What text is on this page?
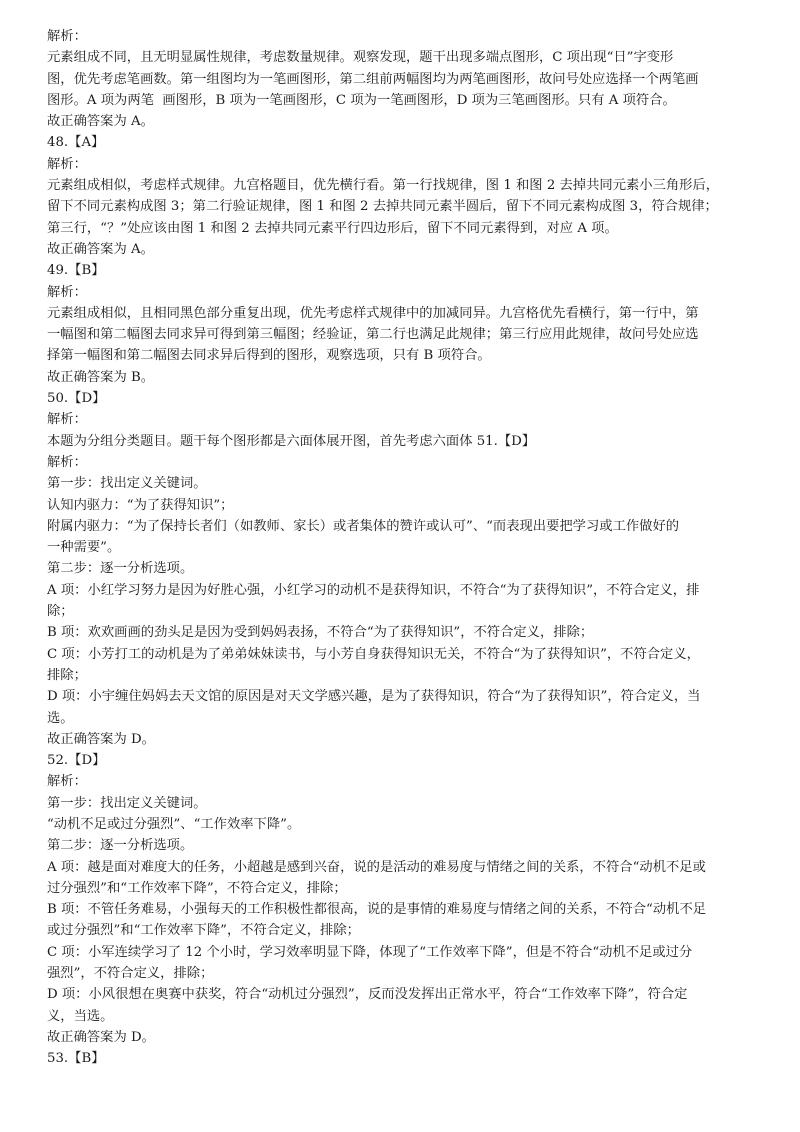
解析：

元素组成不同，且无明显属性规律，考虑数量规律。观察发现，题干出现多端点图形，C 项出现“日”字变形

图，优先考虑笔画数。第一组图均为一笔画图形，第二组前两幅图均为两笔画图形，故问号处应选择一个两笔画

图形。A 项为两笔  画图形，B 项为一笔画图形，C 项为一笔画图形，D 项为三笔画图形。只有 A 项符合。

故正确答案为 A。

48.【A】

解析：

元素组成相似，考虑样式规律。九宫格题目，优先横行看。第一行找规律，图 1 和图 2 去掉共同元素小三角形后，

留下不同元素构成图 3；第二行验证规律，图 1 和图 2 去掉共同元素半圆后，留下不同元素构成图 3，符合规律；

第三行，“？”处应该由图 1 和图 2 去掉共同元素平行四边形后，留下不同元素得到，对应 A 项。

故正确答案为 A。

49.【B】

解析：

元素组成相似，且相同黑色部分重复出现，优先考虑样式规律中的加减同异。九宫格优先看横行，第一行中，第

一幅图和第二幅图去同求异可得到第三幅图；经验证，第二行也满足此规律；第三行应用此规律，故问号处应选

择第一幅图和第二幅图去同求异后得到的图形，观察选项，只有 B 项符合。

故正确答案为 B。

50.【D】

解析：

本题为分组分类题目。题干每个图形都是六面体展开图，首先考虑六面体 51.【D】

解析：

第一步：找出定义关键词。

认知内驱力：“为了获得知识”；

附属内驱力：“为了保持长者们（如教师、家长）或者集体的赞许或认可”、“而表现出要把学习或工作做好的

一种需要”。

第二步：逐一分析选项。

A 项：小红学习努力是因为好胜心强，小红学习的动机不是获得知识，不符合“为了获得知识”，不符合定义，排

除；

B 项：欢欢画画的劲头足是因为受到妈妈表扬，不符合“为了获得知识”，不符合定义，排除；

C 项：小芳打工的动机是为了弟弟妹妹读书，与小芳自身获得知识无关，不符合“为了获得知识”，不符合定义，

排除；

D 项：小宇缠住妈妈去天文馆的原因是对天文学感兴趣，是为了获得知识，符合“为了获得知识”，符合定义，当

选。

故正确答案为 D。

52.【D】

解析：

第一步：找出定义关键词。

“动机不足或过分强烈”、“工作效率下降”。

第二步：逐一分析选项。

A 项：越是面对难度大的任务，小超越是感到兴奋，说的是活动的难易度与情绪之间的关系，不符合“动机不足或

过分强烈”和“工作效率下降”，不符合定义，排除；

B 项：不管任务难易，小强每天的工作积极性都很高，说的是事情的难易度与情绪之间的关系，不符合“动机不足

或过分强烈”和“工作效率下降”，不符合定义，排除；

C 项：小军连续学习了 12 个小时，学习效率明显下降，体现了“工作效率下降”，但是不符合“动机不足或过分

强烈”，不符合定义，排除；

D 项：小风很想在奥赛中获奖，符合“动机过分强烈”，反而没发挥出正常水平，符合“工作效率下降”，符合定

义，当选。

故正确答案为 D。

53.【B】
